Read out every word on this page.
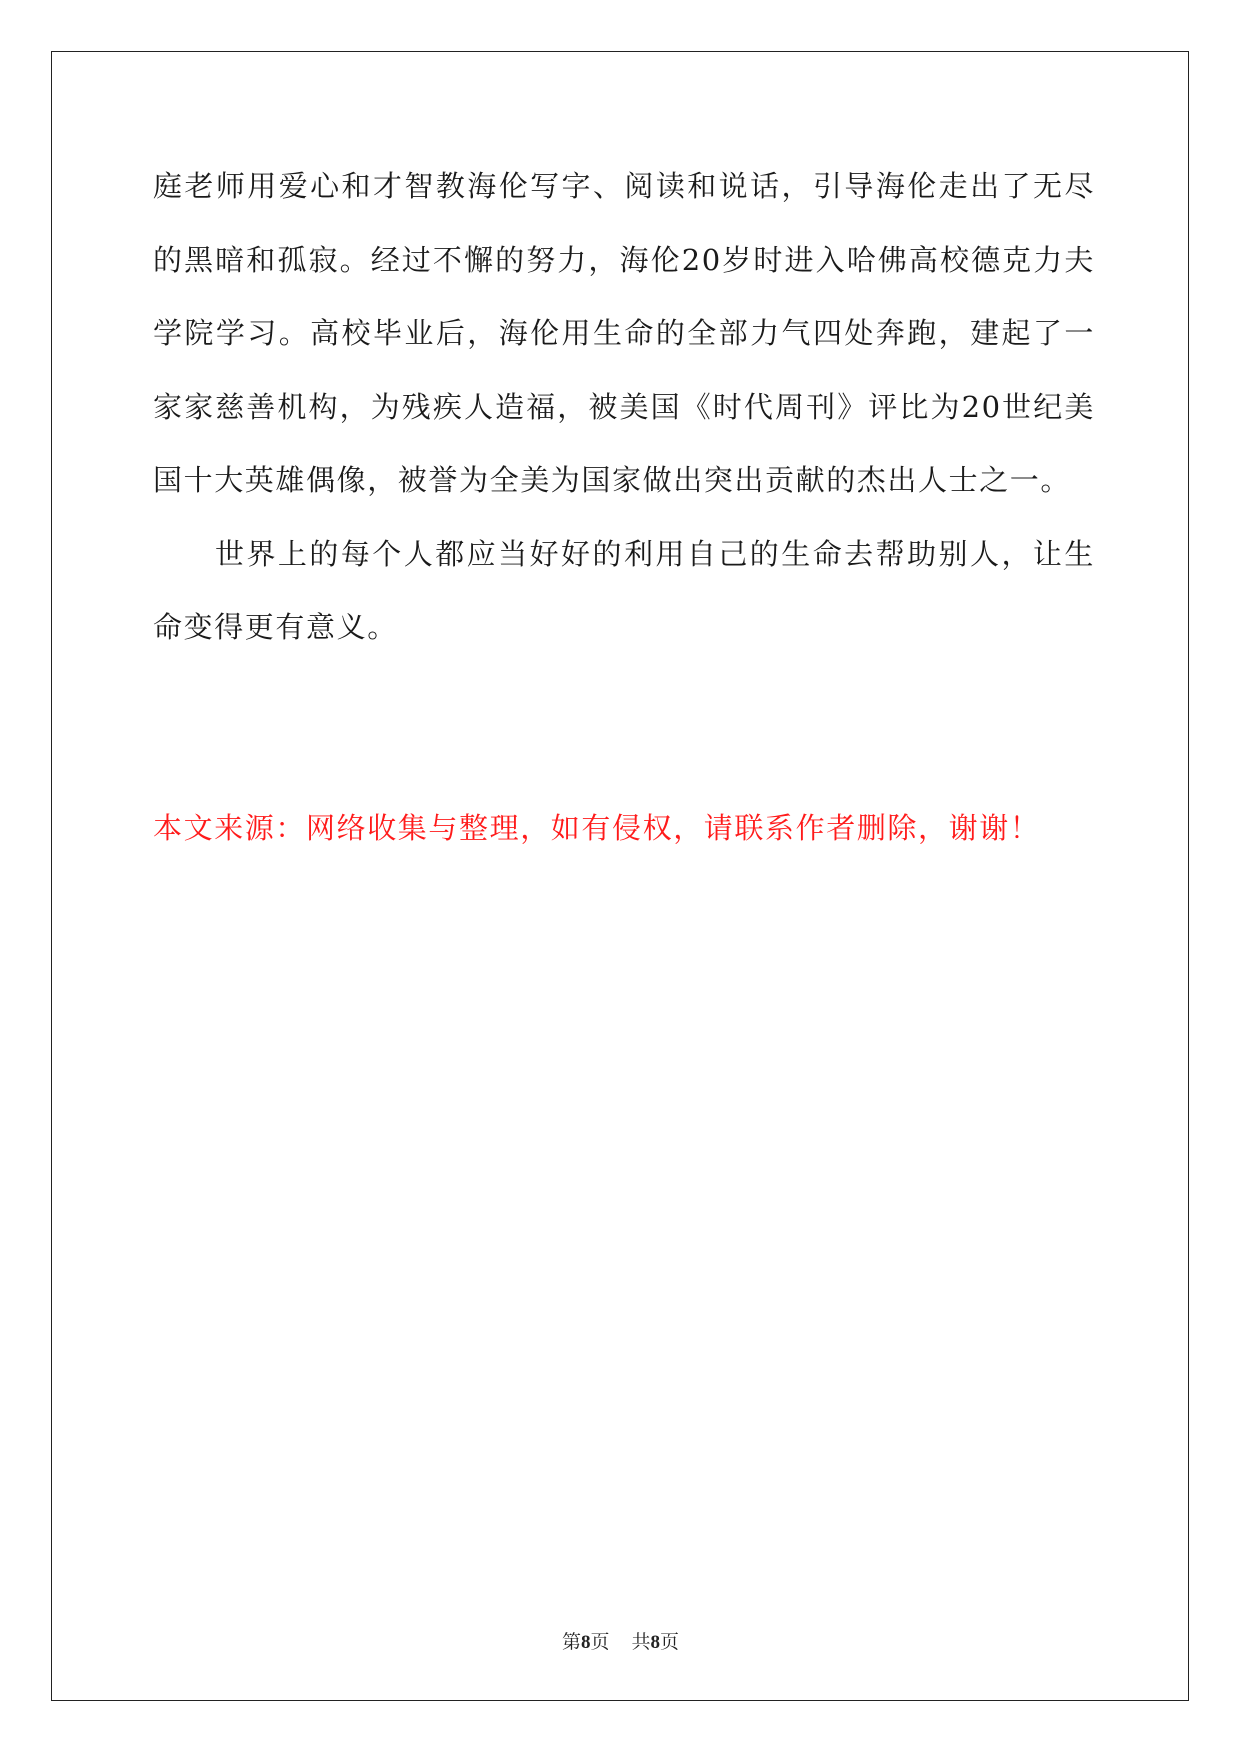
庭老师用爱心和才智教海伦写字、阅读和说话，引导海伦走出了无尽的黑暗和孤寂。经过不懈的努力，海伦20岁时进入哈佛高校德克力夫学院学习。高校毕业后，海伦用生命的全部力气四处奔跑，建起了一家家慈善机构，为残疾人造福，被美国《时代周刊》评比为20世纪美国十大英雄偶像，被誉为全美为国家做出突出贡献的杰出人士之一。

世界上的每个人都应当好好的利用自己的生命去帮助别人，让生命变得更有意义。

本文来源：网络收集与整理，如有侵权，请联系作者删除，谢谢！
第8页 共8页
